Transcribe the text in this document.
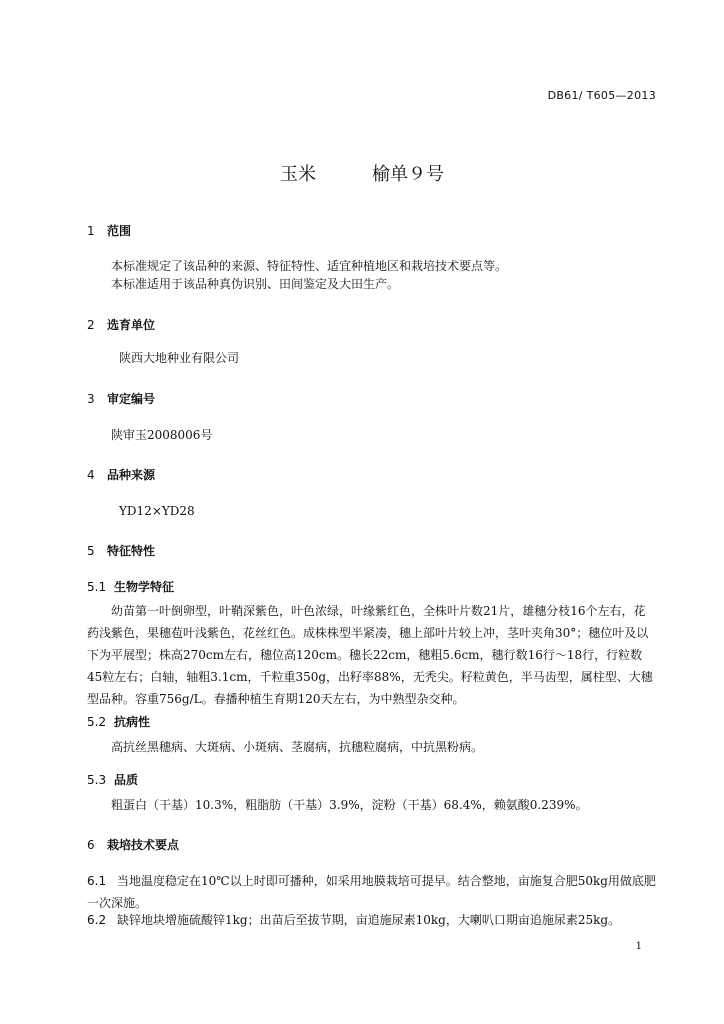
DB61/ T605—2013
玉米	榆单９号
1 范围
本标准规定了该品种的来源、特征特性、适宜种植地区和栽培技术要点等。
本标准适用于该品种真伪识别、田间鉴定及大田生产。
2 选育单位
陕西大地种业有限公司
3 审定编号
陕审玉2008006号
4 品种来源
YD12×YD28
5 特征特性
5.1 生物学特征
幼苗第一叶倒卵型，叶鞘深紫色，叶色浓绿，叶缘紫红色，全株叶片数21片，雄穗分枝16个左右，花药浅紫色，果穗苞叶浅紫色，花丝红色。成株株型半紧凑，穗上部叶片较上冲，茎叶夹角30°；穗位叶及以下为平展型；株高270cm左右，穗位高120cm。穗长22cm，穗粗5.6cm，穗行数16行～18行，行粒数45粒左右；白轴，轴粗3.1cm，千粒重350g，出籽率88%，无秃尖。籽粒黄色，半马齿型，属柱型、大穗型品种。容重756g/L。春播种植生育期120天左右，为中熟型杂交种。
5.2 抗病性
高抗丝黑穗病、大斑病、小斑病、茎腐病，抗穗粒腐病，中抗黑粉病。
5.3 品质
粗蛋白（干基）10.3%，粗脂肪（干基）3.9%，淀粉（干基）68.4%，赖氨酸0.239%。
6 栽培技术要点
6.1 当地温度稳定在10℃以上时即可播种，如采用地膜栽培可提早。结合整地，亩施复合肥50kg用做底肥一次深施。
6.2 缺锌地块增施硫酸锌1kg；出苗后至拔节期，亩追施尿素10kg，大喇叭口期亩追施尿素25kg。
1
